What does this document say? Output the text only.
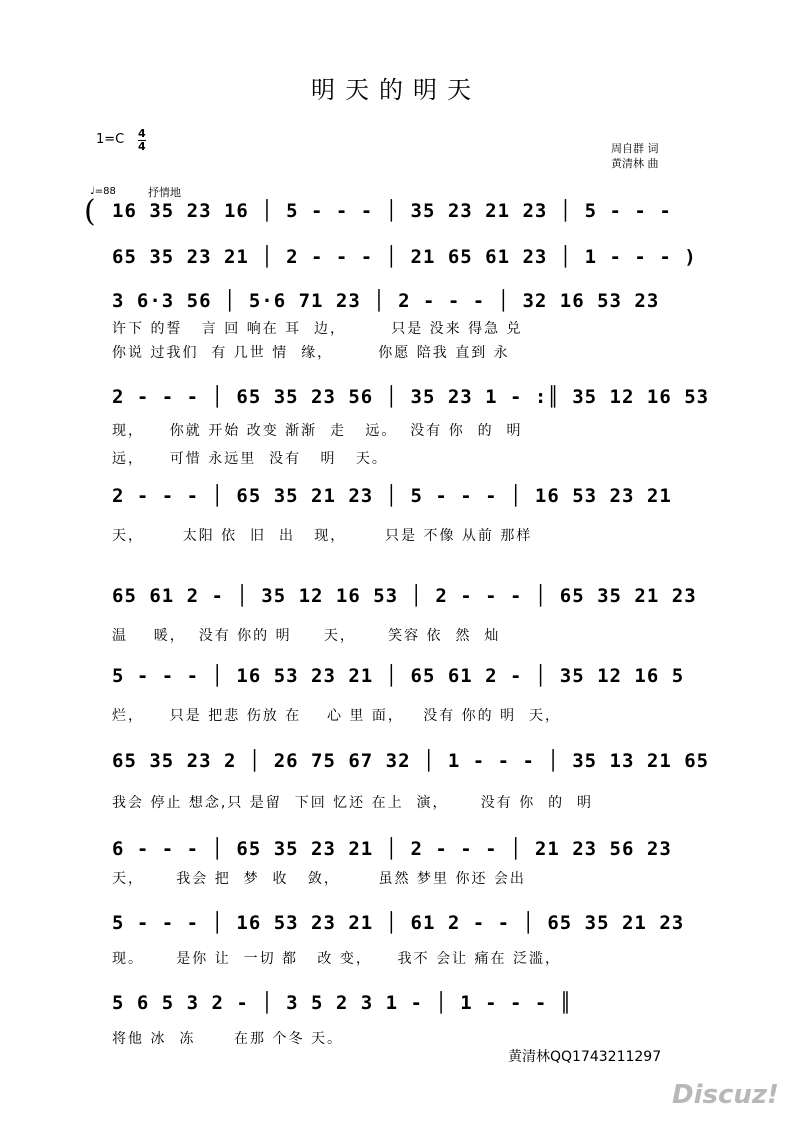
明天的明天
1=C 4
4	周自群 词
黄清林 曲
♩=88	抒情地
( 16 35 23 16 │ 5 - - - │ 35 23 21 23 │ 5 - - -
65 35 23 21 │ 2 - - - │ 21 65 61 23 │ 1 - - - )
3 6·3 56 │ 5·6 71 23 │ 2 - - - │ 32 16 53 23
2 - - - │ 65 35 23 56 │ 35 23 1 - :║ 35 12 16 53
2 - - - │ 65 35 21 23 │ 5 - - - │ 16 53 23 21
65 61 2 - │ 35 12 16 53 │ 2 - - - │ 65 35 21 23
5 - - - │ 16 53 23 21 │ 65 61 2 - │ 35 12 16 5
65 35 23 2 │ 26 75 67 32 │ 1 - - - │ 35 13 21 65
6 - - - │ 65 35 23 21 │ 2 - - - │ 21 23 56 23
5 - - - │ 16 53 23 21 │ 61 2 - - │ 65 35 21 23
5 6 5 3 2 - │ 3 5 2 3 1 - │ 1 - - - ║
许下 的誓   言 回 响在 耳  边，       只是 没来 得急 兑
你说 过我们  有 几世 情  缘，       你愿 陪我 直到 永
现，    你就 开始 改变 渐渐  走   远。  没有 你  的  明
远，    可惜 永远里  没有   明   天。
天，      太阳 依  旧  出   现，      只是 不像 从前 那样
温    暖，  没有 你的 明     天，     笑容 依  然  灿
烂，    只是 把悲 伤放 在    心 里 面，   没有 你的 明  天，
我会 停止 想念,只 是留  下回 忆还 在上  演，     没有 你  的  明
天，     我会 把  梦  收   敛，      虽然 梦里 你还 会出
现。     是你 让  一切 都   改 变，    我不 会让 痛在 泛滥，
将他 冰  冻      在那 个冬 天。
黄清林QQ1743211297
Discuz!
